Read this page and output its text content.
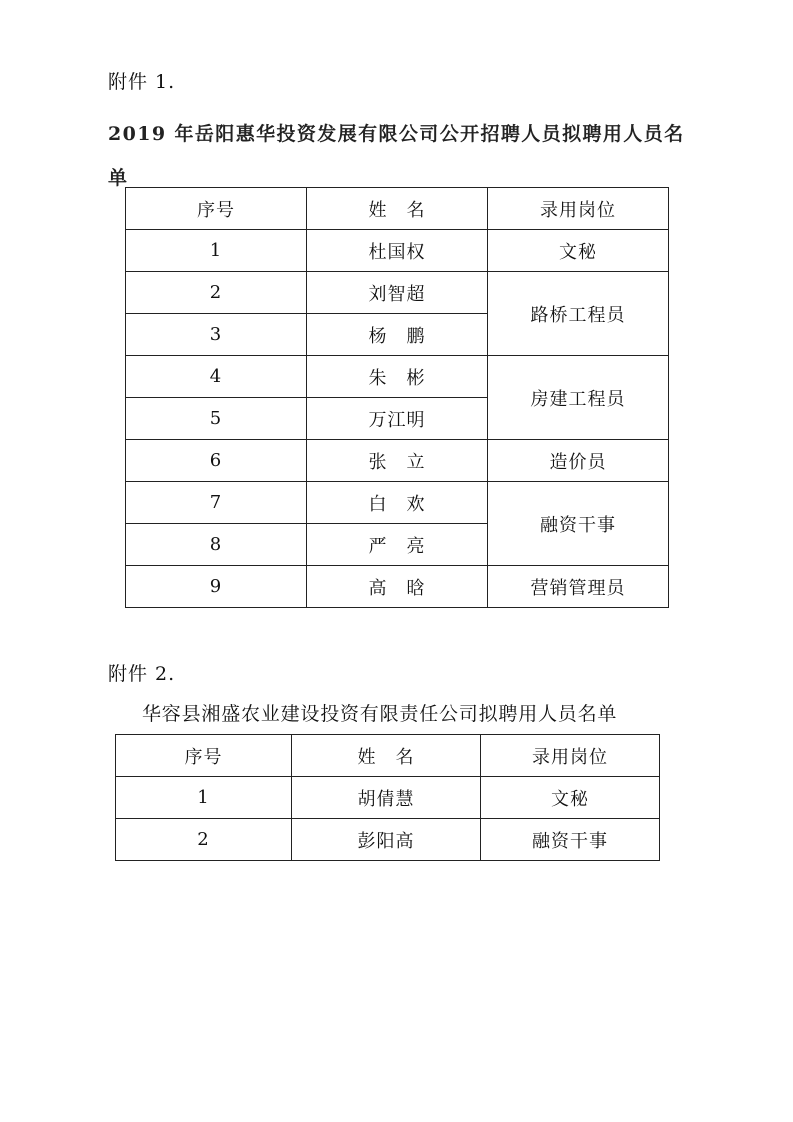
附件 1.
2019 年岳阳惠华投资发展有限公司公开招聘人员拟聘用人员名单
序号	姓　名	录用岗位
1	杜国权	文秘
2	刘智超	路桥工程员
3	杨　鹏	
4	朱　彬	房建工程员
5	万江明	
6	张　立	造价员
7	白　欢	融资干事
8	严　亮	
9	高　晗	营销管理员
附件 2.
华容县湘盛农业建设投资有限责任公司拟聘用人员名单
序号	姓　名	录用岗位
1	胡倩慧	文秘
2	彭阳高	融资干事
